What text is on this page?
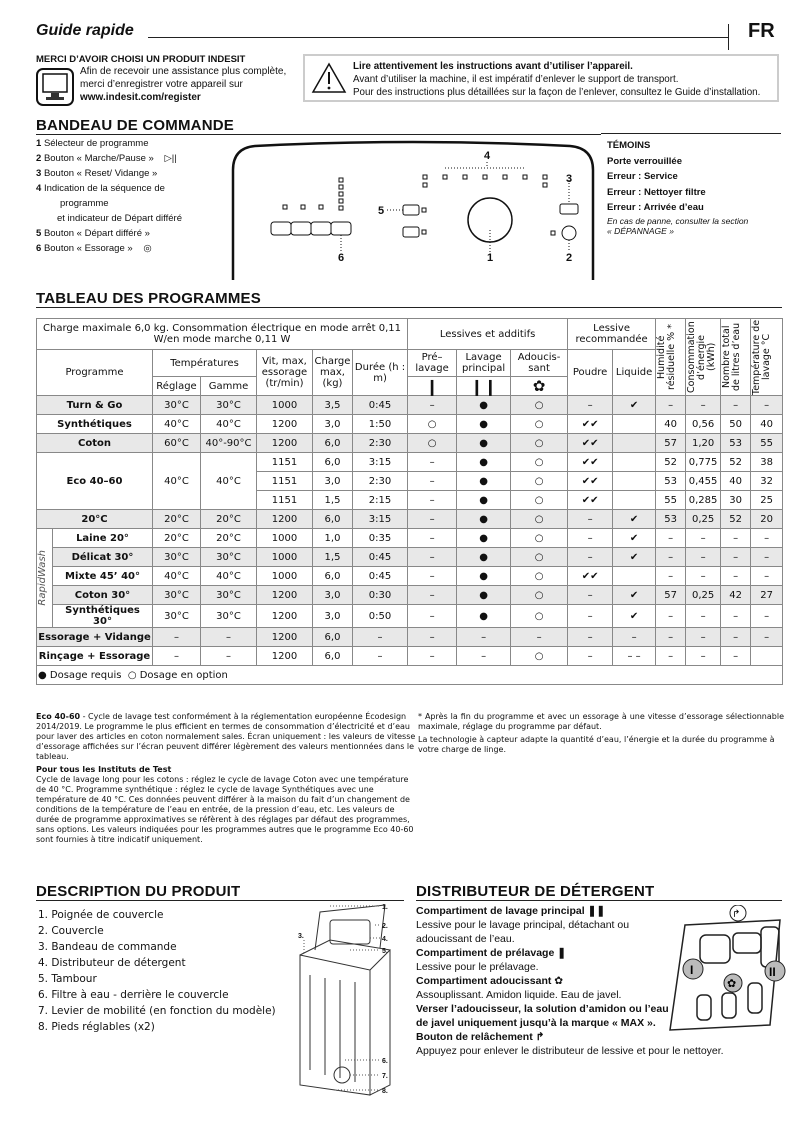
Guide rapide	FR
MERCI D’AVOIR CHOISI UN PRODUIT INDESIT
Afin de recevoir une assistance plus complète,
merci d’enregistrer votre appareil sur
www.indesit.com/register
Lire attentivement les instructions avant d’utiliser l’appareil.
Avant d’utiliser la machine, il est impératif d’enlever le support de transport.
Pour des instructions plus détaillées sur la façon de l’enlever, consultez le Guide d’installation.
BANDEAU DE COMMANDE
1 Sélecteur de programme
2 Bouton « Marche/Pause » ▷||
3 Bouton « Reset/ Vidange »
4 Indication de la séquence de
programme
et indicateur de Départ différé
5 Bouton « Départ différé »
6 Bouton « Essorage » ◎
1	2
3
4
5
6
TÉMOINS
Porte verrouillée
Erreur : Service
Erreur : Nettoyer filtre
Erreur : Arrivée d’eau
En cas de panne, consulter la section
« DÉPANNAGE »
TABLEAU DES PROGRAMMES
Charge maximale 6,0 kg. Consommation électrique en mode arrêt 0,11 W/en mode marche 0,11 W							Lessives et additifs			Lessive recommandée		Humidité résiduelle % *	Consommation d’énergie (kWh)	Nombre total de litres d’eau	Température de lavage °C

Programme		Températures		Vit, max, essorage (tr/min)	Charge max, (kg)	Durée (h : m)	Pré–lavage	Lavage principal	Adoucis-sant	Poudre	Liquide				
		Réglage	Gamme				❙	❙❙	✿						

Turn & Go		30°C	30°C	1000	3,5	0:45	–	●	○	–	✔	–	–	–	–
Synthétiques		40°C	40°C	1200	3,0	1:50	○	●	○	✔✔		40	0,56	50	40
Coton		60°C	40°-90°C	1200	6,0	2:30	○	●	○	✔✔		57	1,20	53	55
Eco 40–60		40°C	40°C	1151	6,0	3:15	–	●	○	✔✔		52	0,775	52	38
				1151	3,0	2:30	–	●	○	✔✔		53	0,455	40	32
				1151	1,5	2:15	–	●	○	✔✔		55	0,285	30	25
20°C		20°C	20°C	1200	6,0	3:15	–	●	○	–	✔	53	0,25	52	20

RapidWash	Laine 20°	20°C	20°C	1000	1,0	0:35	–	●	○	–	✔	–	–	–	–
	Délicat 30°	30°C	30°C	1000	1,5	0:45	–	●	○	–	✔	–	–	–	–
	Mixte 45’ 40°	40°C	40°C	1000	6,0	0:45	–	●	○	✔✔		–	–	–	–
	Coton 30°	30°C	30°C	1200	3,0	0:30	–	●	○	–	✔	57	0,25	42	27
	Synthétiques 30°	30°C	30°C	1200	3,0	0:50	–	●	○	–	✔	–	–	–	–
Essorage + Vidange		–	–	1200	6,0	–	–	–	–	–	–	–	–	–	–
Rinçage + Essorage		–	–	1200	6,0	–	–	–	○	–	– –	–	–	–	
● Dosage requis  ○ Dosage en option															
Eco 40-60 - Cycle de lavage test conformément à la réglementation européenne Écodesign 2014/2019. Le programme le plus efficient en termes de consommation d’électricité et d’eau pour laver des articles en coton normalement sales. Écran uniquement : les valeurs de vitesse d’essorage affichées sur l’écran peuvent différer légèrement des valeurs mentionnées dans le tableau.
Pour tous les Instituts de Test
Cycle de lavage long pour les cotons : réglez le cycle de lavage Coton avec une température de 40 °C. Programme synthétique : réglez le cycle de lavage Synthétiques avec une température de 40 °C. Ces données peuvent différer à la maison du fait d’un changement de conditions de la température de l’eau en entrée, de la pression d’eau, etc. Les valeurs de durée de programme approximatives se réfèrent à des réglages par défaut des programmes, sans options. Les valeurs indiquées pour les programmes autres que le programme Eco 40-60 sont fournies à titre indicatif uniquement.
* Après la fin du programme et avec un essorage à une vitesse d’essorage sélectionnable maximale, réglage du programme par défaut.
La technologie à capteur adapte la quantité d’eau, l’énergie et la durée du programme à votre charge de linge.
DESCRIPTION DU PRODUIT
1. Poignée de couvercle
2. Couvercle
3. Bandeau de commande
4. Distributeur de détergent
5. Tambour
6. Filtre à eau - derrière le couvercle
7. Levier de mobilité (en fonction du modèle)
8. Pieds réglables (x2)
1.
2.
3.	4.
5.
6.
7.
8.
DISTRIBUTEUR DE DÉTERGENT
Compartiment de lavage principal ❚❚
Lessive pour le lavage principal, détachant ou adoucissant de l’eau.
Compartiment de prélavage ❚
Lessive pour le prélavage.
Compartiment adoucissant ✿
Assouplissant. Amidon liquide. Eau de javel.
Verser l’adoucisseur, la solution d’amidon ou l’eau de javel uniquement jusqu’à la marque « MAX ».
Bouton de relâchement ↱
Appuyez pour enlever le distributeur de lessive et pour le nettoyer.
↱
I	II
✿
